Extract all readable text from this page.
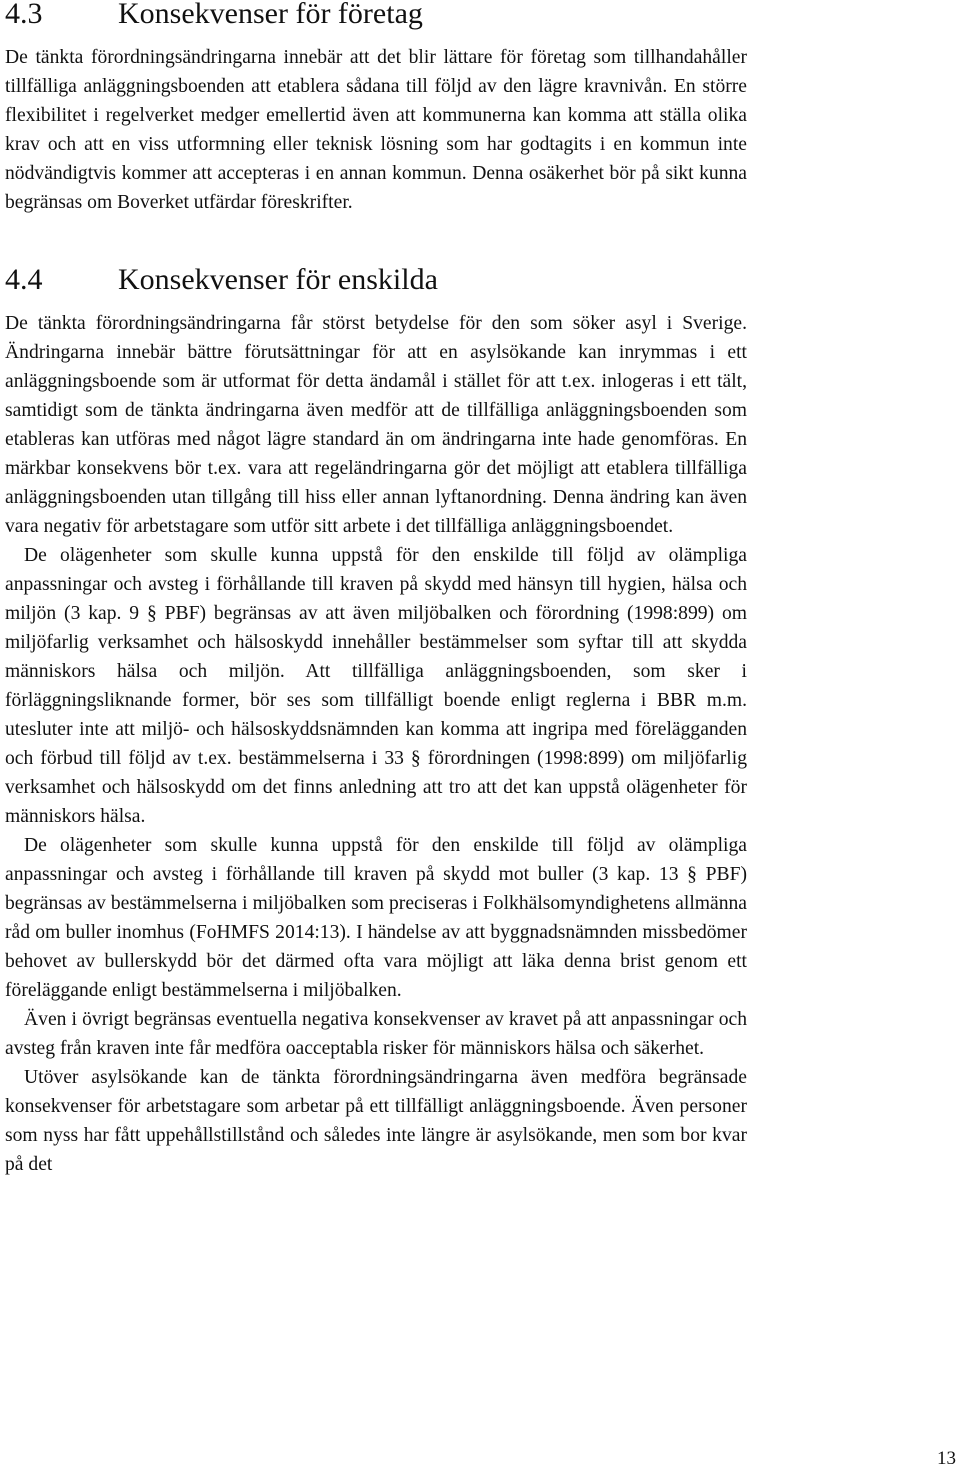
4.3	Konsekvenser för företag

De tänkta förordningsändringarna innebär att det blir lättare för företag som tillhandahåller tillfälliga anläggningsboenden att etablera sådana till följd av den lägre kravnivån. En större flexibilitet i regelverket medger emellertid även att kommunerna kan komma att ställa olika krav och att en viss utformning eller teknisk lösning som har godtagits i en kommun inte nödvändigtvis kommer att accepteras i en annan kommun. Denna osäkerhet bör på sikt kunna begränsas om Boverket utfärdar föreskrifter.

4.4	Konsekvenser för enskilda

De tänkta förordningsändringarna får störst betydelse för den som söker asyl i Sverige. Ändringarna innebär bättre förutsättningar för att en asylsökande kan inrymmas i ett anläggningsboende som är utformat för detta ändamål i stället för att t.ex. inlogeras i ett tält, samtidigt som de tänkta ändringarna även medför att de tillfälliga anläggningsboenden som etableras kan utföras med något lägre standard än om ändringarna inte hade genomföras. En märkbar konsekvens bör t.ex. vara att regeländringarna gör det möjligt att etablera tillfälliga anläggningsboenden utan tillgång till hiss eller annan lyftanordning. Denna ändring kan även vara negativ för arbetstagare som utför sitt arbete i det tillfälliga anläggningsboendet.

De olägenheter som skulle kunna uppstå för den enskilde till följd av olämpliga anpassningar och avsteg i förhållande till kraven på skydd med hänsyn till hygien, hälsa och miljön (3 kap. 9 § PBF) begränsas av att även miljöbalken och förordning (1998:899) om miljöfarlig verksamhet och hälsoskydd innehåller bestämmelser som syftar till att skydda människors hälsa och miljön. Att tillfälliga anläggningsboenden, som sker i förläggningsliknande former, bör ses som tillfälligt boende enligt reglerna i BBR m.m. utesluter inte att miljö- och hälsoskyddsnämnden kan komma att ingripa med förelägganden och förbud till följd av t.ex. bestämmelserna i 33 § förordningen (1998:899) om miljöfarlig verksamhet och hälsoskydd om det finns anledning att tro att det kan uppstå olägenheter för människors hälsa.

De olägenheter som skulle kunna uppstå för den enskilde till följd av olämpliga anpassningar och avsteg i förhållande till kraven på skydd mot buller (3 kap. 13 § PBF) begränsas av bestämmelserna i miljöbalken som preciseras i Folkhälsomyndighetens allmänna råd om buller inomhus (FoHMFS 2014:13). I händelse av att byggnadsnämnden missbedömer behovet av bullerskydd bör det därmed ofta vara möjligt att läka denna brist genom ett föreläggande enligt bestämmelserna i miljöbalken.

Även i övrigt begränsas eventuella negativa konsekvenser av kravet på att anpassningar och avsteg från kraven inte får medföra oacceptabla risker för människors hälsa och säkerhet.

Utöver asylsökande kan de tänkta förordningsändringarna även medföra begränsade konsekvenser för arbetstagare som arbetar på ett tillfälligt anläggningsboende. Även personer som nyss har fått uppehållstillstånd och således inte längre är asylsökande, men som bor kvar på det

13
